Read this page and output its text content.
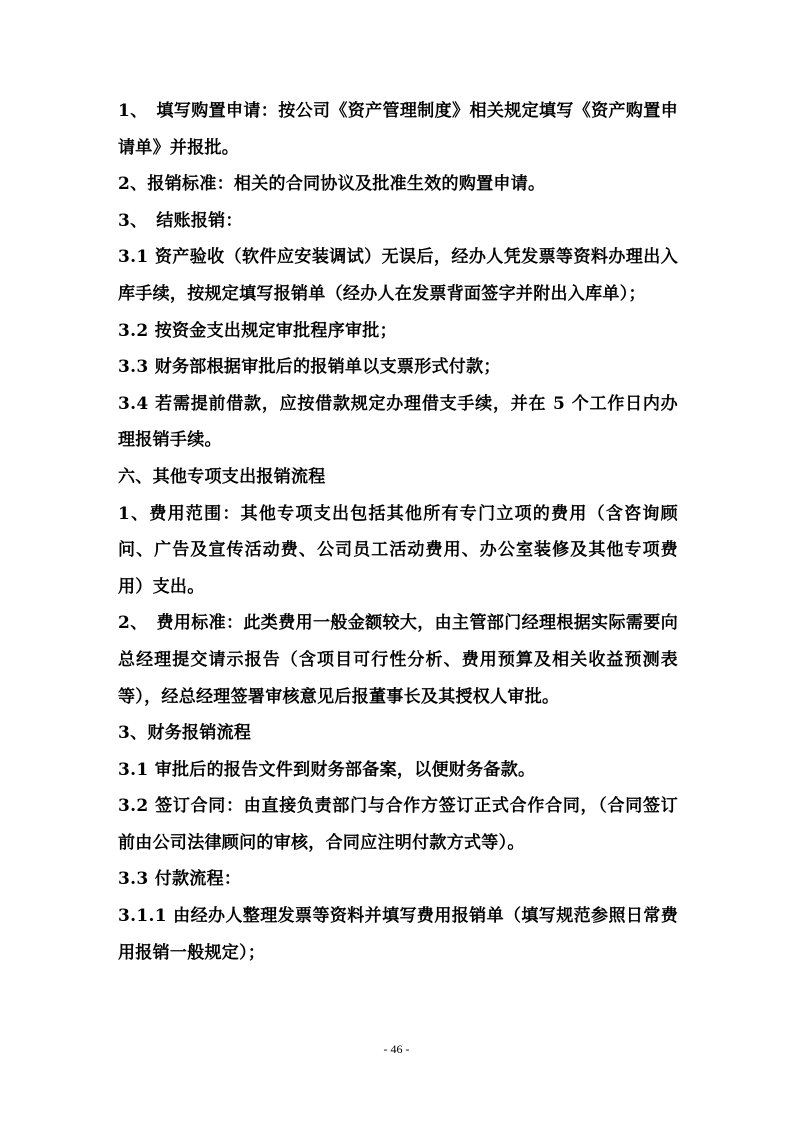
1、　填写购置申请：按公司《资产管理制度》相关规定填写《资产购置申请单》并报批。

2、报销标准：相关的合同协议及批准生效的购置申请。

3、　结账报销：

3.1 资产验收（软件应安装调试）无误后，经办人凭发票等资料办理出入库手续，按规定填写报销单（经办人在发票背面签字并附出入库单）；

3.2 按资金支出规定审批程序审批；

3.3 财务部根据审批后的报销单以支票形式付款；

3.4 若需提前借款，应按借款规定办理借支手续，并在 5 个工作日内办理报销手续。

六、其他专项支出报销流程

1、费用范围：其他专项支出包括其他所有专门立项的费用（含咨询顾问、广告及宣传活动费、公司员工活动费用、办公室装修及其他专项费用）支出。

2、　费用标准：此类费用一般金额较大，由主管部门经理根据实际需要向总经理提交请示报告（含项目可行性分析、费用预算及相关收益预测表等），经总经理签署审核意见后报董事长及其授权人审批。

3、财务报销流程

3.1 审批后的报告文件到财务部备案，以便财务备款。

3.2 签订合同：由直接负责部门与合作方签订正式合作合同，（合同签订前由公司法律顾问的审核，合同应注明付款方式等）。

3.3 付款流程：

3.1.1 由经办人整理发票等资料并填写费用报销单（填写规范参照日常费用报销一般规定）；

- 46 -
